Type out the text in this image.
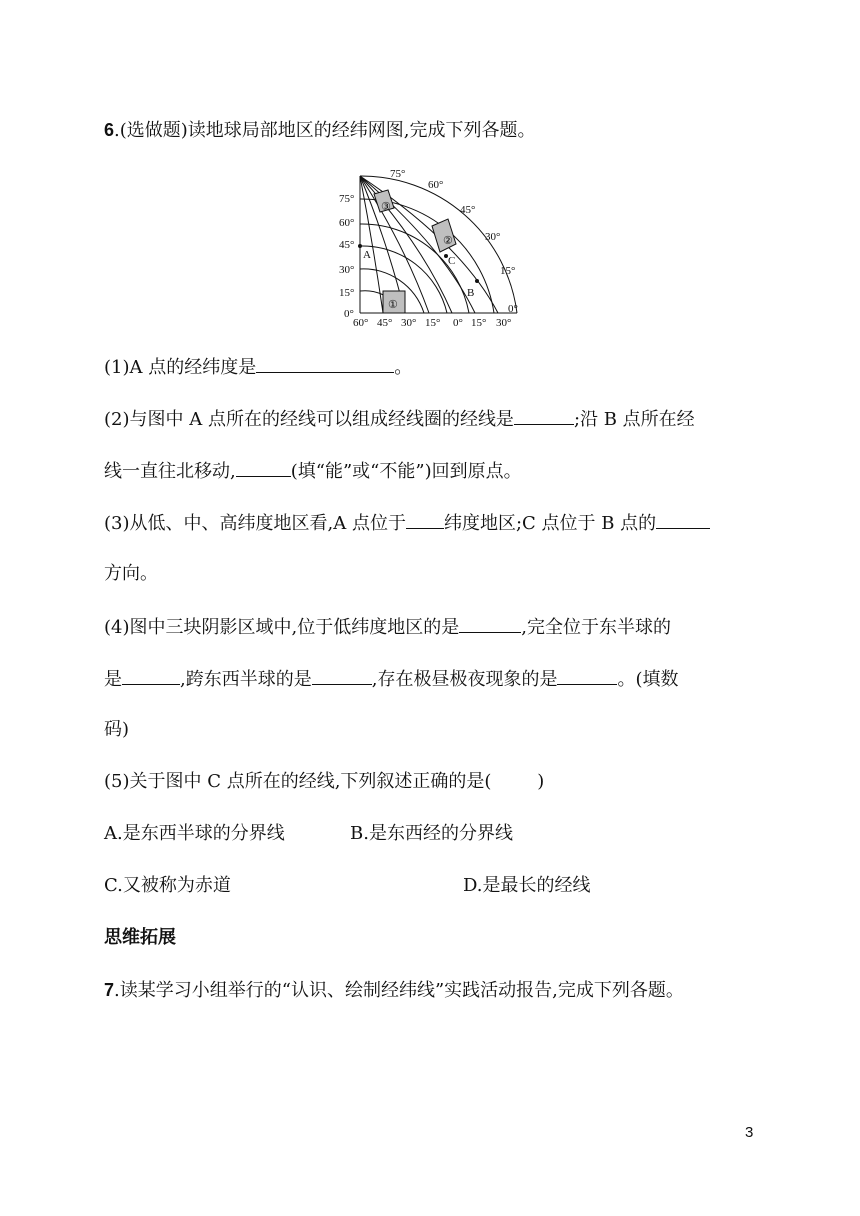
6.(选做题)读地球局部地区的经纬网图,完成下列各题。
A
B
C
①
②
③
0°
15°
30°
45°
60°
75°
60° 45° 30° 15° 0° 15° 30°
75°
60°
45°
30°
15°
0°
(1)A 点的经纬度是	。
(2)与图中 A 点所在的经线可以组成经线圈的经线是	;沿 B 点所在经
线一直往北移动,	(填“能”或“不能”)回到原点。
(3)从低、中、高纬度地区看,A 点位于 纬度地区;C 点位于 B 点的
方向。
(4)图中三块阴影区域中,位于低纬度地区的是	,完全位于东半球的
是	,跨东西半球的是	,存在极昼极夜现象的是	。(填数
码)
(5)关于图中 C 点所在的经线,下列叙述正确的是(        )
A.是东西半球的分界线	B.是东西经的分界线
C.又被称为赤道	D.是最长的经线
思维拓展
7.读某学习小组举行的“认识、绘制经纬线”实践活动报告,完成下列各题。
3
